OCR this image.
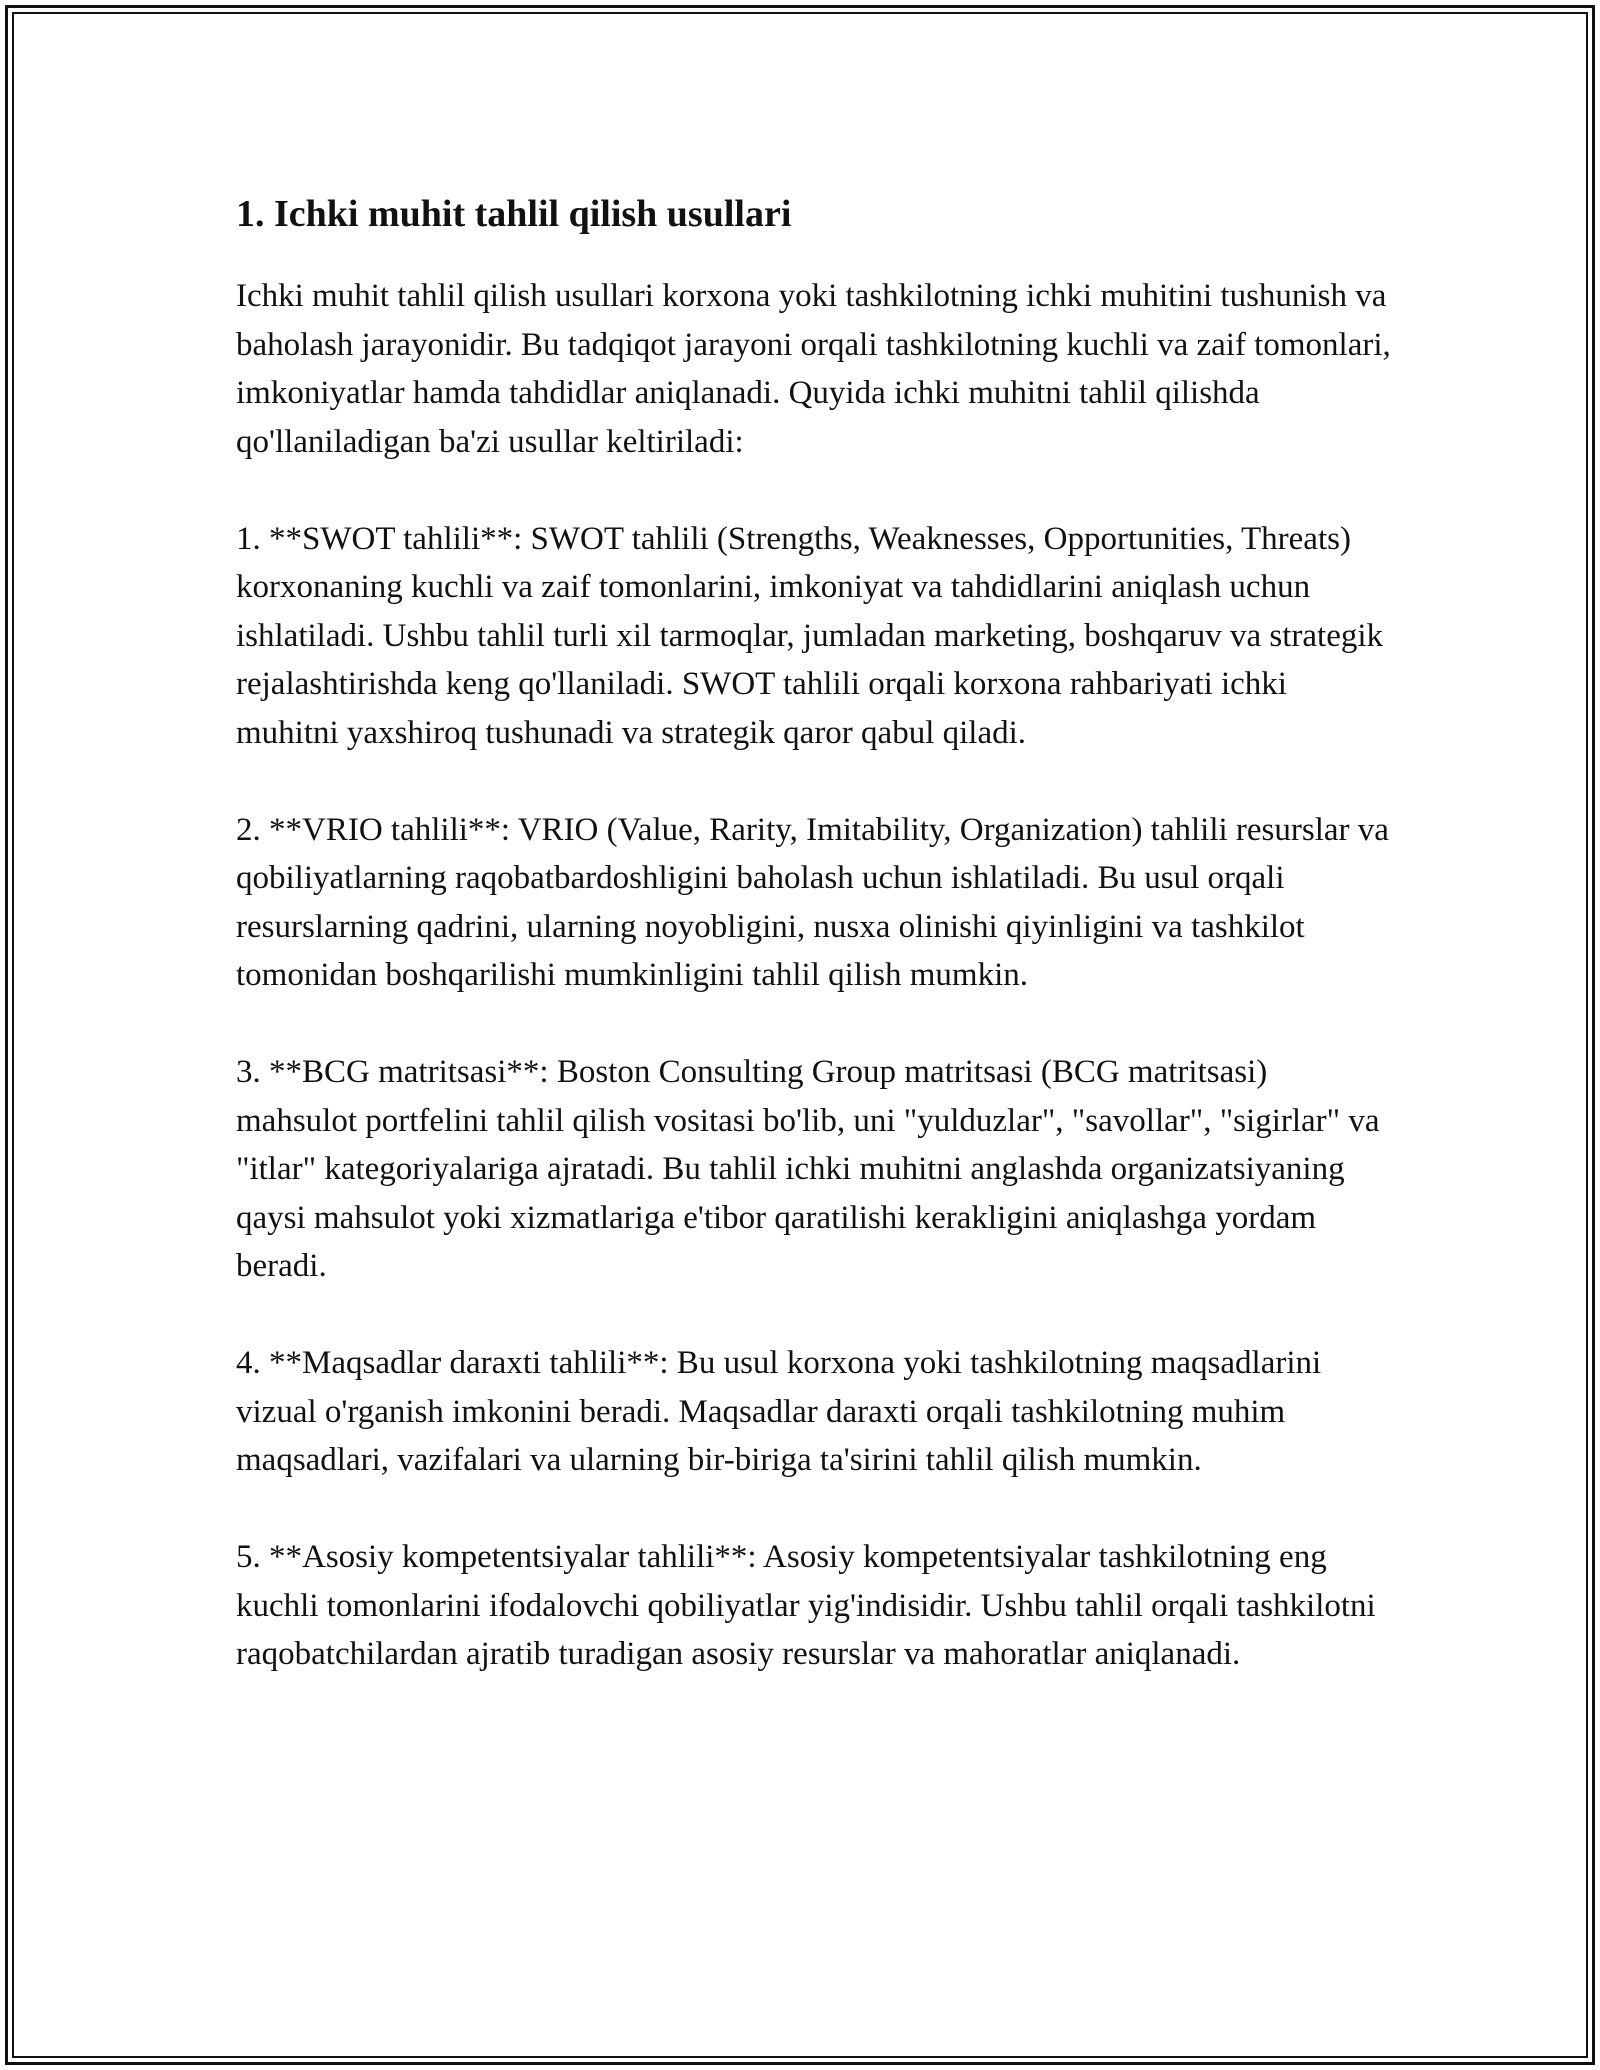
1. Ichki muhit tahlil qilish usullari

Ichki muhit tahlil qilish usullari korxona yoki tashkilotning ichki muhitini tushunish va baholash jarayonidir. Bu tadqiqot jarayoni orqali tashkilotning kuchli va zaif tomonlari, imkoniyatlar hamda tahdidlar aniqlanadi. Quyida ichki muhitni tahlil qilishda qo'llaniladigan ba'zi usullar keltiriladi:

1. **SWOT tahlili**: SWOT tahlili (Strengths, Weaknesses, Opportunities, Threats) korxonaning kuchli va zaif tomonlarini, imkoniyat va tahdidlarini aniqlash uchun ishlatiladi. Ushbu tahlil turli xil tarmoqlar, jumladan marketing, boshqaruv va strategik rejalashtirishda keng qo'llaniladi. SWOT tahlili orqali korxona rahbariyati ichki muhitni yaxshiroq tushunadi va strategik qaror qabul qiladi.

2. **VRIO tahlili**: VRIO (Value, Rarity, Imitability, Organization) tahlili resurslar va qobiliyatlarning raqobatbardoshligini baholash uchun ishlatiladi. Bu usul orqali resurslarning qadrini, ularning noyobligini, nusxa olinishi qiyinligini va tashkilot tomonidan boshqarilishi mumkinligini tahlil qilish mumkin.

3. **BCG matritsasi**: Boston Consulting Group matritsasi (BCG matritsasi) mahsulot portfelini tahlil qilish vositasi bo'lib, uni "yulduzlar", "savollar", "sigirlar" va "itlar" kategoriyalariga ajratadi. Bu tahlil ichki muhitni anglashda organizatsiyaning qaysi mahsulot yoki xizmatlariga e'tibor qaratilishi kerakligini aniqlashga yordam beradi.

4. **Maqsadlar daraxti tahlili**: Bu usul korxona yoki tashkilotning maqsadlarini vizual o'rganish imkonini beradi. Maqsadlar daraxti orqali tashkilotning muhim maqsadlari, vazifalari va ularning bir-biriga ta'sirini tahlil qilish mumkin.

5. **Asosiy kompetentsiyalar tahlili**: Asosiy kompetentsiyalar tashkilotning eng kuchli tomonlarini ifodalovchi qobiliyatlar yig'indisidir. Ushbu tahlil orqali tashkilotni raqobatchilardan ajratib turadigan asosiy resurslar va mahoratlar aniqlanadi.
